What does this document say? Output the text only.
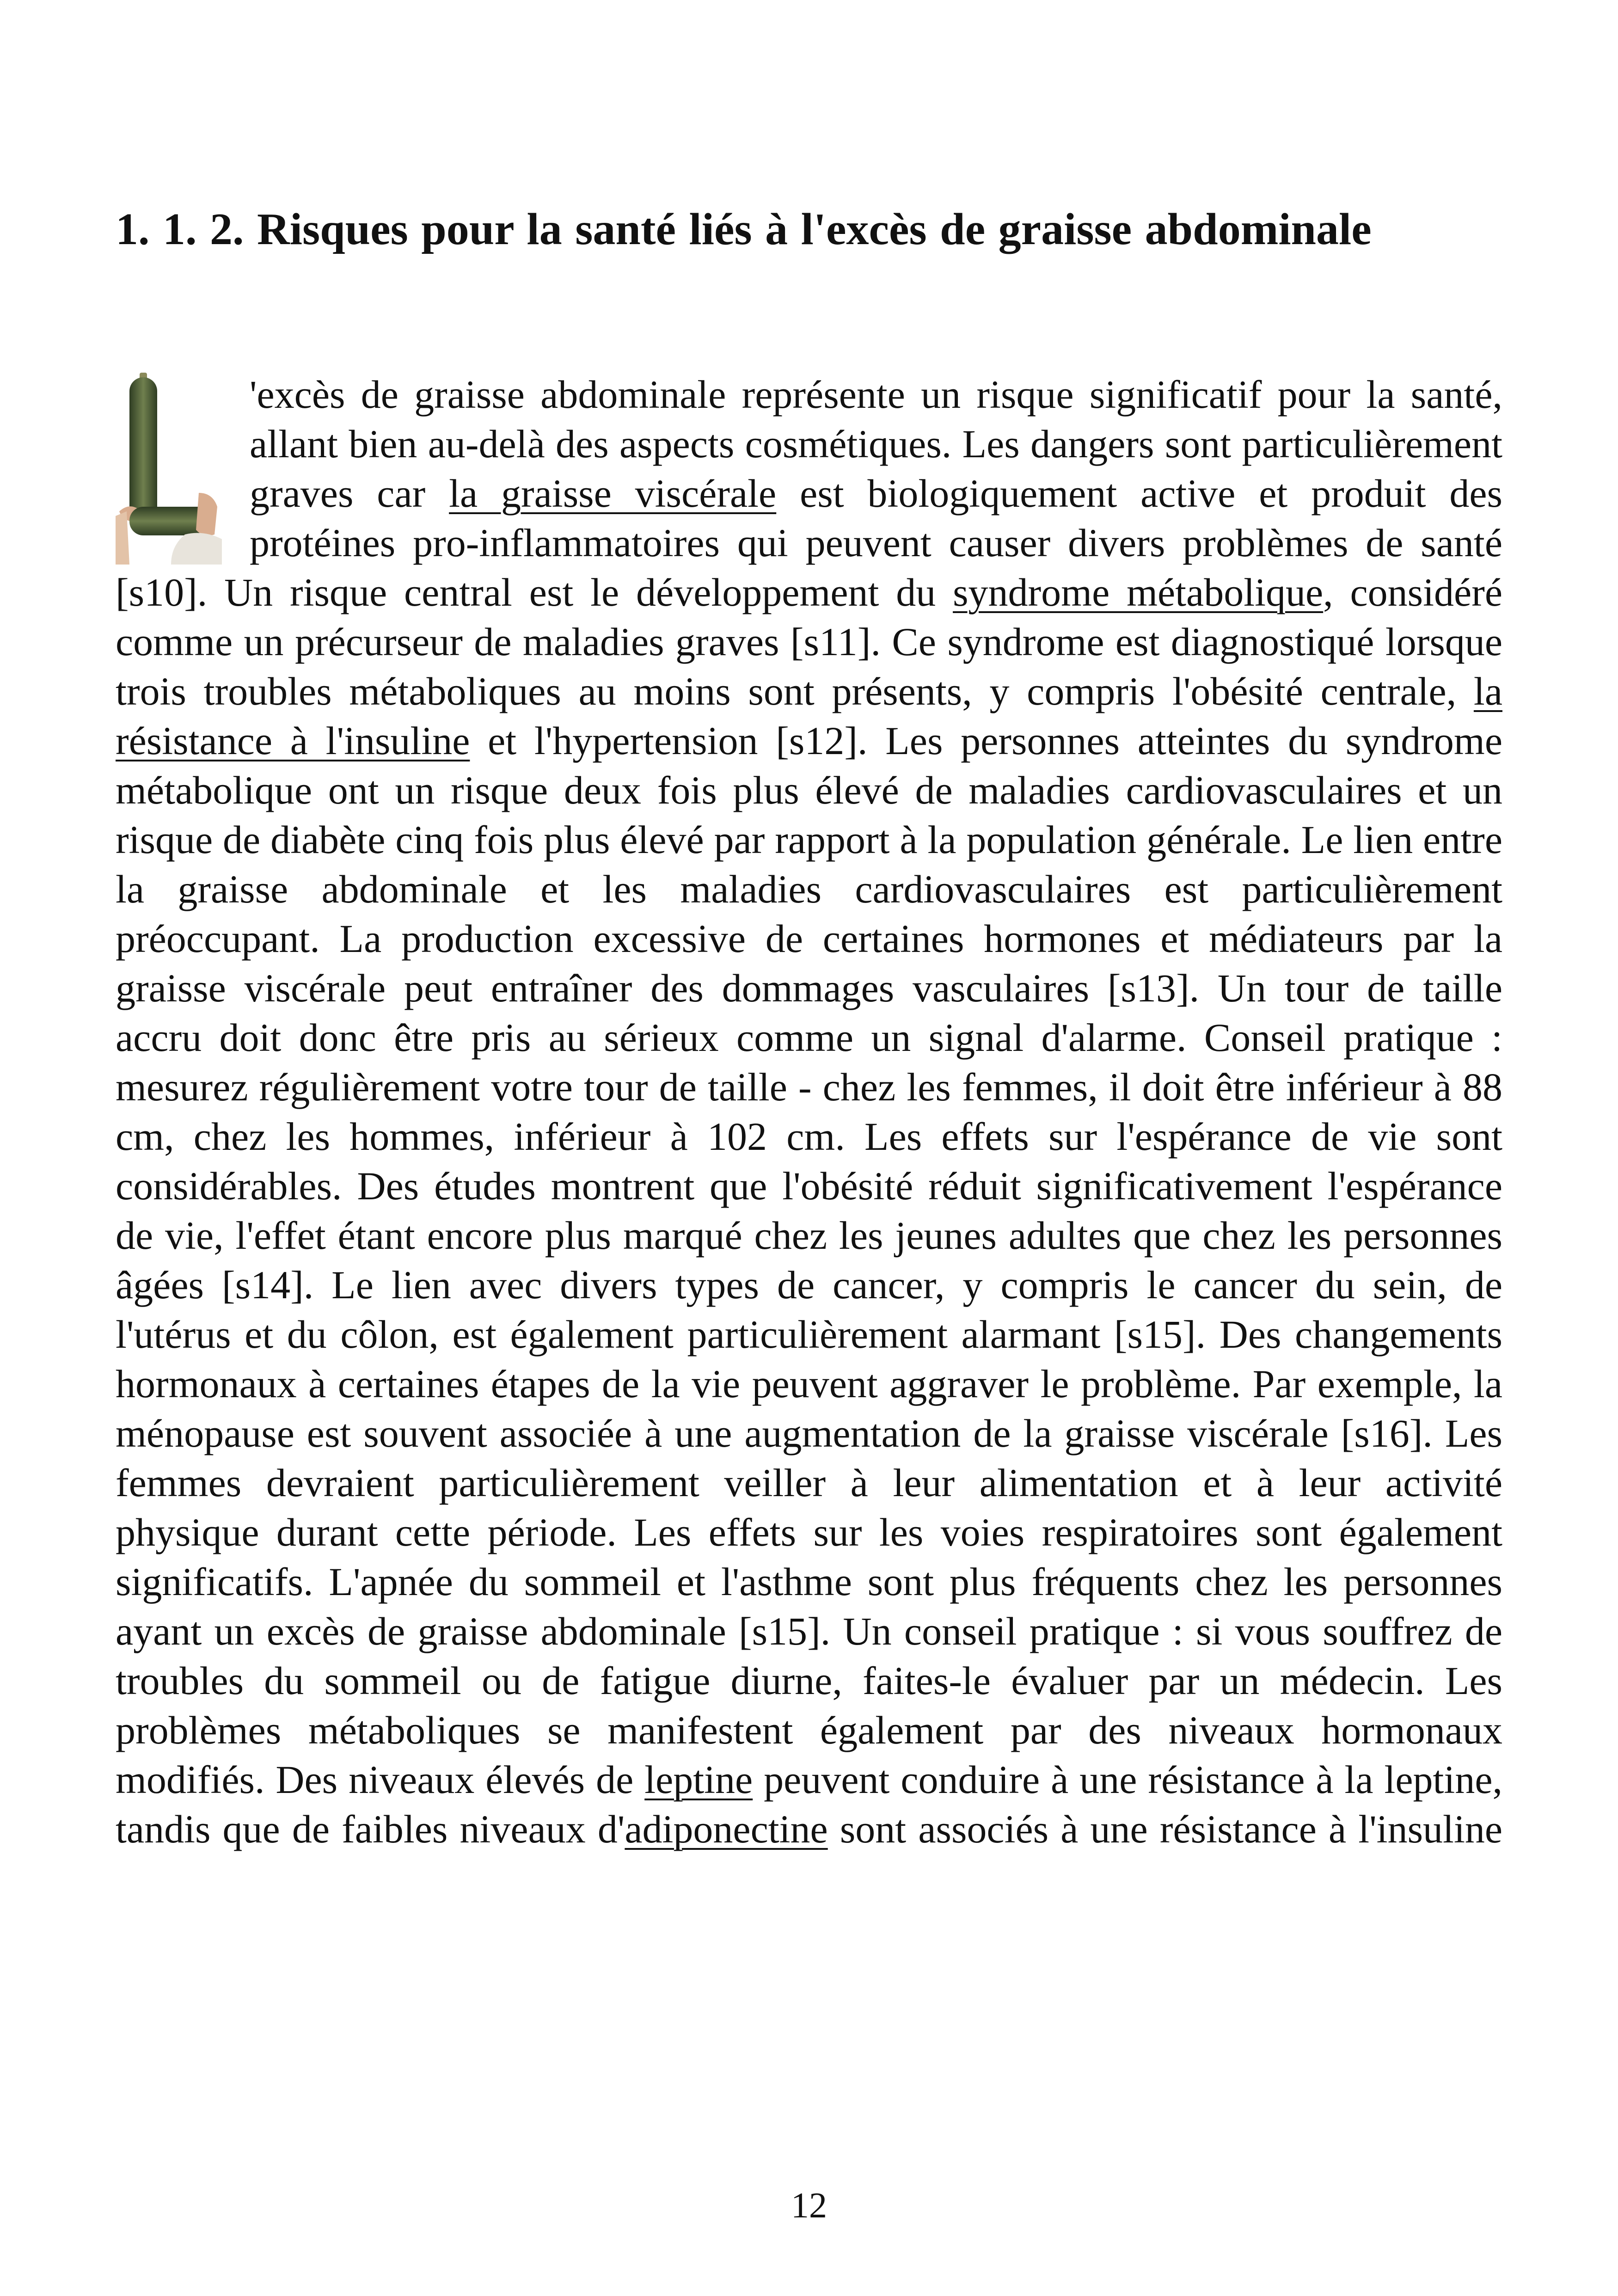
1. 1. 2. Risques pour la santé liés à l'excès de graisse abdominale

'excès de graisse abdominale représente un risque significatif pour la santé, allant bien au-delà des aspects cosmétiques. Les dangers sont particulièrement graves car la graisse viscérale est biologiquement active et produit des protéines pro-inflammatoires qui peuvent causer divers problèmes de santé [s10]. Un risque central est le développement du syndrome métabolique, considéré comme un précurseur de maladies graves [s11]. Ce syndrome est diagnostiqué lorsque trois troubles métaboliques au moins sont présents, y compris l'obésité centrale, la résistance à l'insuline et l'hypertension [s12]. Les personnes atteintes du syndrome métabolique ont un risque deux fois plus élevé de maladies cardiovasculaires et un risque de diabète cinq fois plus élevé par rapport à la population générale. Le lien entre la graisse abdominale et les maladies cardiovasculaires est particulièrement préoccupant. La production excessive de certaines hormones et médiateurs par la graisse viscérale peut entraîner des dommages vasculaires [s13]. Un tour de taille accru doit donc être pris au sérieux comme un signal d'alarme. Conseil pratique : mesurez régulièrement votre tour de taille - chez les femmes, il doit être inférieur à 88 cm, chez les hommes, inférieur à 102 cm. Les effets sur l'espérance de vie sont considérables. Des études montrent que l'obésité réduit significativement l'espérance de vie, l'effet étant encore plus marqué chez les jeunes adultes que chez les personnes âgées [s14]. Le lien avec divers types de cancer, y compris le cancer du sein, de l'utérus et du côlon, est également particulièrement alarmant [s15]. Des changements hormonaux à certaines étapes de la vie peuvent aggraver le problème. Par exemple, la ménopause est souvent associée à une augmentation de la graisse viscérale [s16]. Les femmes devraient particulièrement veiller à leur alimentation et à leur activité physique durant cette période. Les effets sur les voies respiratoires sont également significatifs. L'apnée du sommeil et l'asthme sont plus fréquents chez les personnes ayant un excès de graisse abdominale [s15]. Un conseil pratique : si vous souffrez de troubles du sommeil ou de fatigue diurne, faites-le évaluer par un médecin. Les problèmes métaboliques se manifestent également par des niveaux hormonaux modifiés. Des niveaux élevés de leptine peuvent conduire à une résistance à la leptine, tandis que de faibles niveaux d'adiponectine sont associés à une résistance à l'insuline

12
